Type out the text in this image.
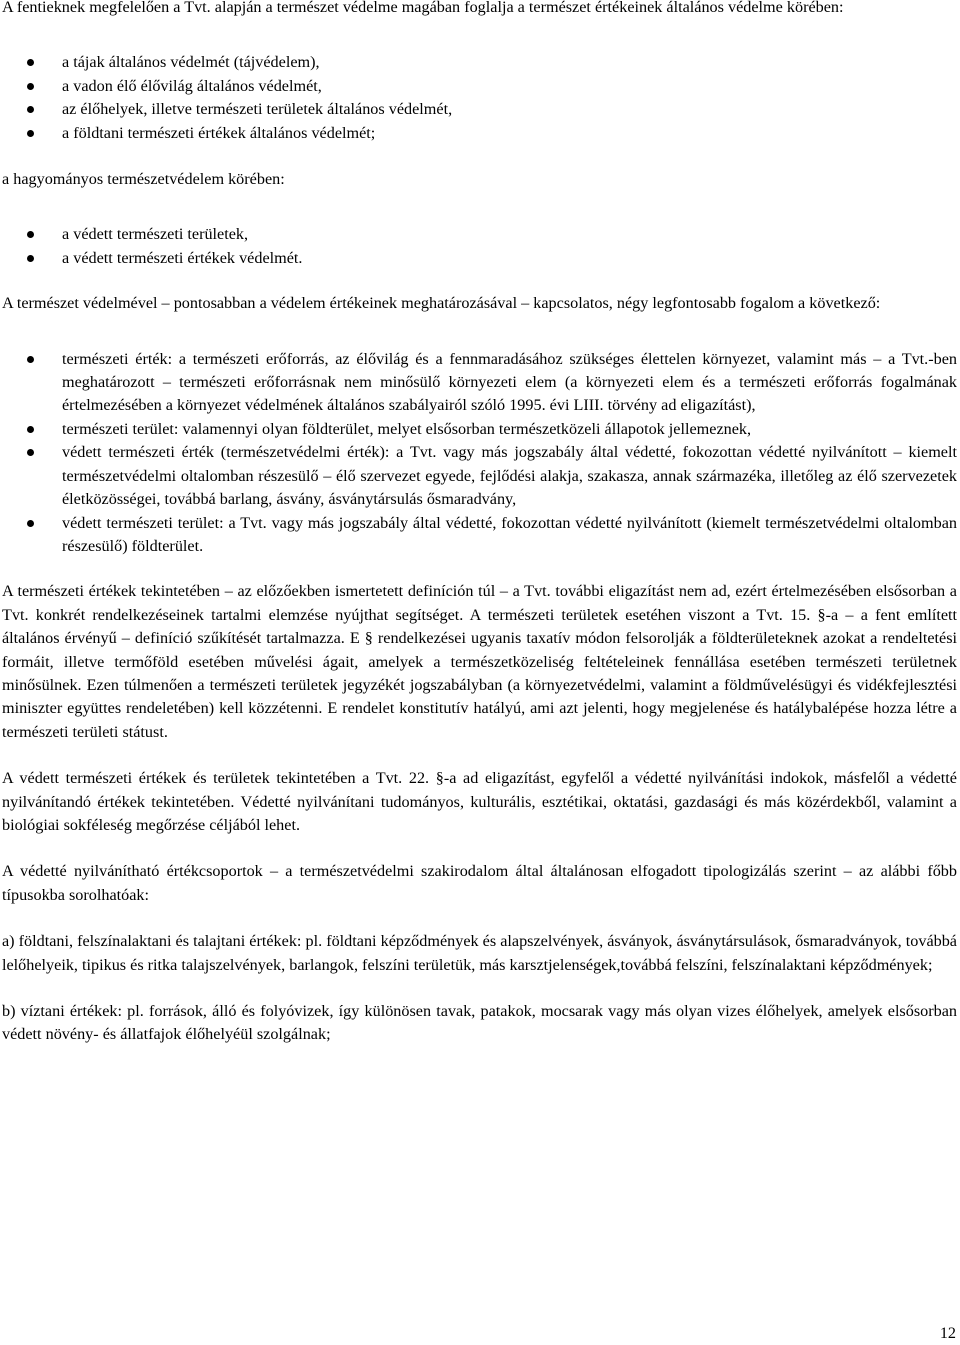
A fentieknek megfelelően a Tvt. alapján a természet védelme magában foglalja a természet értékeinek általános védelme körében:

a tájak általános védelmét (tájvédelem),
a vadon élő élővilág általános védelmét,
az élőhelyek, illetve természeti területek általános védelmét,
a földtani természeti értékek általános védelmét;

a hagyományos természetvédelem körében:

a védett természeti területek,
a védett természeti értékek védelmét.

A természet védelmével ‒ pontosabban a védelem értékeinek meghatározásával ‒ kapcsolatos, négy legfontosabb fogalom a következő:

természeti érték: a természeti erőforrás, az élővilág és a fennmaradásához szükséges élettelen környezet, valamint más ‒ a Tvt.-ben meghatározott ‒ természeti erőforrásnak nem minősülő környezeti elem (a környezeti elem és a természeti erőforrás fogalmának értelmezésében a környezet védelmének általános szabályairól szóló 1995. évi LIII. törvény ad eligazítást),
természeti terület: valamennyi olyan földterület, melyet elsősorban természetközeli állapotok jellemeznek,
védett természeti érték (természetvédelmi érték): a Tvt. vagy más jogszabály által védetté, fokozottan védetté nyilvánított ‒ kiemelt természetvédelmi oltalomban részesülő ‒ élő szervezet egyede, fejlődési alakja, szakasza, annak származéka, illetőleg az élő szervezetek életközösségei, továbbá barlang, ásvány, ásványtársulás ősmaradvány,
védett természeti terület: a Tvt. vagy más jogszabály által védetté, fokozottan védetté nyilvánított (kiemelt természetvédelmi oltalomban részesülő) földterület.

A természeti értékek tekintetében ‒ az előzőekben ismertetett definíción túl ‒ a Tvt. további eligazítást nem ad, ezért értelmezésében elsősorban a Tvt. konkrét rendelkezéseinek tartalmi elemzése nyújthat segítséget. A természeti területek esetéhen viszont a Tvt. 15. §-a ‒ a fent említett általános érvényű ‒ definíció szűkítését tartalmazza. E § rendelkezései ugyanis taxatív módon felsorolják a földterületeknek azokat a rendeltetési formáit, illetve termőföld esetében művelési ágait, amelyek a természetközeliség feltételeinek fennállása esetében természeti területnek minősülnek. Ezen túlmenően a természeti területek jegyzékét jogszabályban (a környezetvédelmi, valamint a földművelésügyi és vidékfejlesztési miniszter együttes rendeletében) kell közzétenni. E rendelet konstitutív hatályú, ami azt jelenti, hogy megjelenése és hatálybalépése hozza létre a természeti területi státust.

A védett természeti értékek és területek tekintetében a Tvt. 22. §-a ad eligazítást, egyfelől a védetté nyilvánítási indokok, másfelől a védetté nyilvánítandó értékek tekintetében. Védetté nyilvánítani tudományos, kulturális, esztétikai, oktatási, gazdasági és más közérdekből, valamint a biológiai sokféleség megőrzése céljából lehet.

A védetté nyilvánítható értékcsoportok ‒ a természetvédelmi szakirodalom által általánosan elfogadott tipologizálás szerint ‒ az alábbi főbb típusokba sorolhatóak:

a) földtani, felszínalaktani és talajtani értékek: pl. földtani képződmények és alapszelvények, ásványok, ásványtársulások, ősmaradványok, továbbá lelőhelyeik, tipikus és ritka talajszelvények, barlangok, felszíni területük, más karsztjelenségek,továbbá felszíni, felszínalaktani képződmények;

b) víztani értékek: pl. források, álló és folyóvizek, így különösen tavak, patakok, mocsarak vagy más olyan vizes élőhelyek, amelyek elsősorban védett növény- és állatfajok élőhelyéül szolgálnak;

12
